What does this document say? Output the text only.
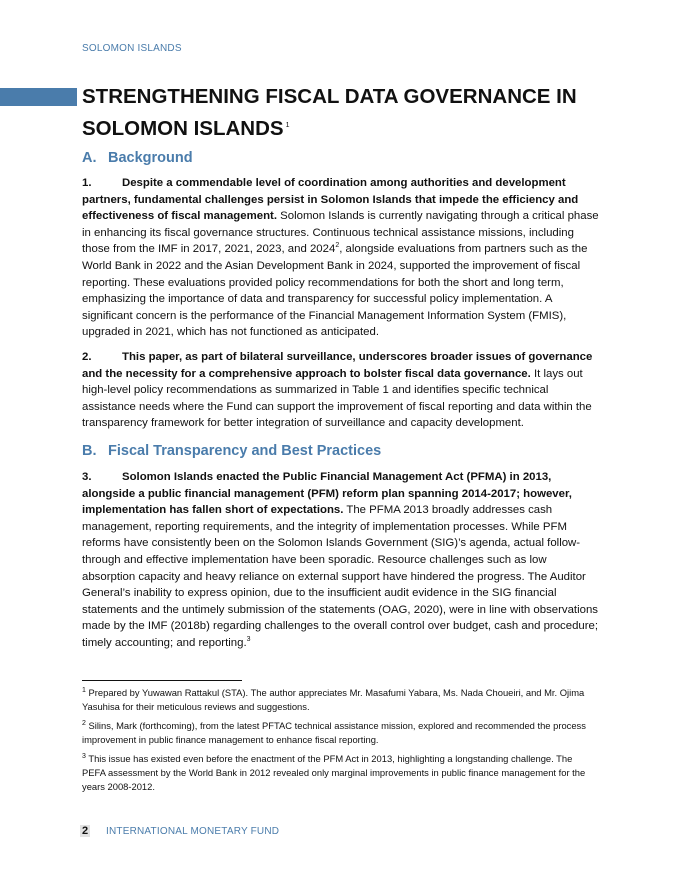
SOLOMON ISLANDS
STRENGTHENING FISCAL DATA GOVERNANCE IN SOLOMON ISLANDS $^1$
A. Background
1.	Despite a commendable level of coordination among authorities and development partners, fundamental challenges persist in Solomon Islands that impede the efficiency and effectiveness of fiscal management. Solomon Islands is currently navigating through a critical phase in enhancing its fiscal governance structures. Continuous technical assistance missions, including those from the IMF in 2017, 2021, 2023, and 2024$^2$, alongside evaluations from partners such as the World Bank in 2022 and the Asian Development Bank in 2024, supported the improvement of fiscal reporting. These evaluations provided policy recommendations for both the short and long term, emphasizing the importance of data and transparency for successful policy implementation. A significant concern is the performance of the Financial Management Information System (FMIS), upgraded in 2021, which has not functioned as anticipated.
2.	This paper, as part of bilateral surveillance, underscores broader issues of governance and the necessity for a comprehensive approach to bolster fiscal data governance. It lays out high-level policy recommendations as summarized in Table 1 and identifies specific technical assistance needs where the Fund can support the improvement of fiscal reporting and data within the transparency framework for better integration of surveillance and capacity development.
B. Fiscal Transparency and Best Practices
3.	Solomon Islands enacted the Public Financial Management Act (PFMA) in 2013, alongside a public financial management (PFM) reform plan spanning 2014-2017; however, implementation has fallen short of expectations. The PFMA 2013 broadly addresses cash management, reporting requirements, and the integrity of implementation processes. While PFM reforms have consistently been on the Solomon Islands Government (SIG)’s agenda, actual follow-through and effective implementation have been sporadic. Resource challenges such as low absorption capacity and heavy reliance on external support have hindered the progress. The Auditor General’s inability to express opinion, due to the insufficient audit evidence in the SIG financial statements and the untimely submission of the statements (OAG, 2020), were in line with observations made by the IMF (2018b) regarding challenges to the overall control over budget, cash and procedure; timely accounting; and reporting.$^3$
$^1$ Prepared by Yuwawan Rattakul (STA). The author appreciates Mr. Masafumi Yabara, Ms. Nada Choueiri, and Mr. Ojima Yasuhisa for their meticulous reviews and suggestions.
$^2$ Silins, Mark (forthcoming), from the latest PFTAC technical assistance mission, explored and recommended the process improvement in public finance management to enhance fiscal reporting.
$^3$ This issue has existed even before the enactment of the PFM Act in 2013, highlighting a longstanding challenge. The PEFA assessment by the World Bank in 2012 revealed only marginal improvements in public finance management for the years 2008-2012.
2 INTERNATIONAL MONETARY FUND
